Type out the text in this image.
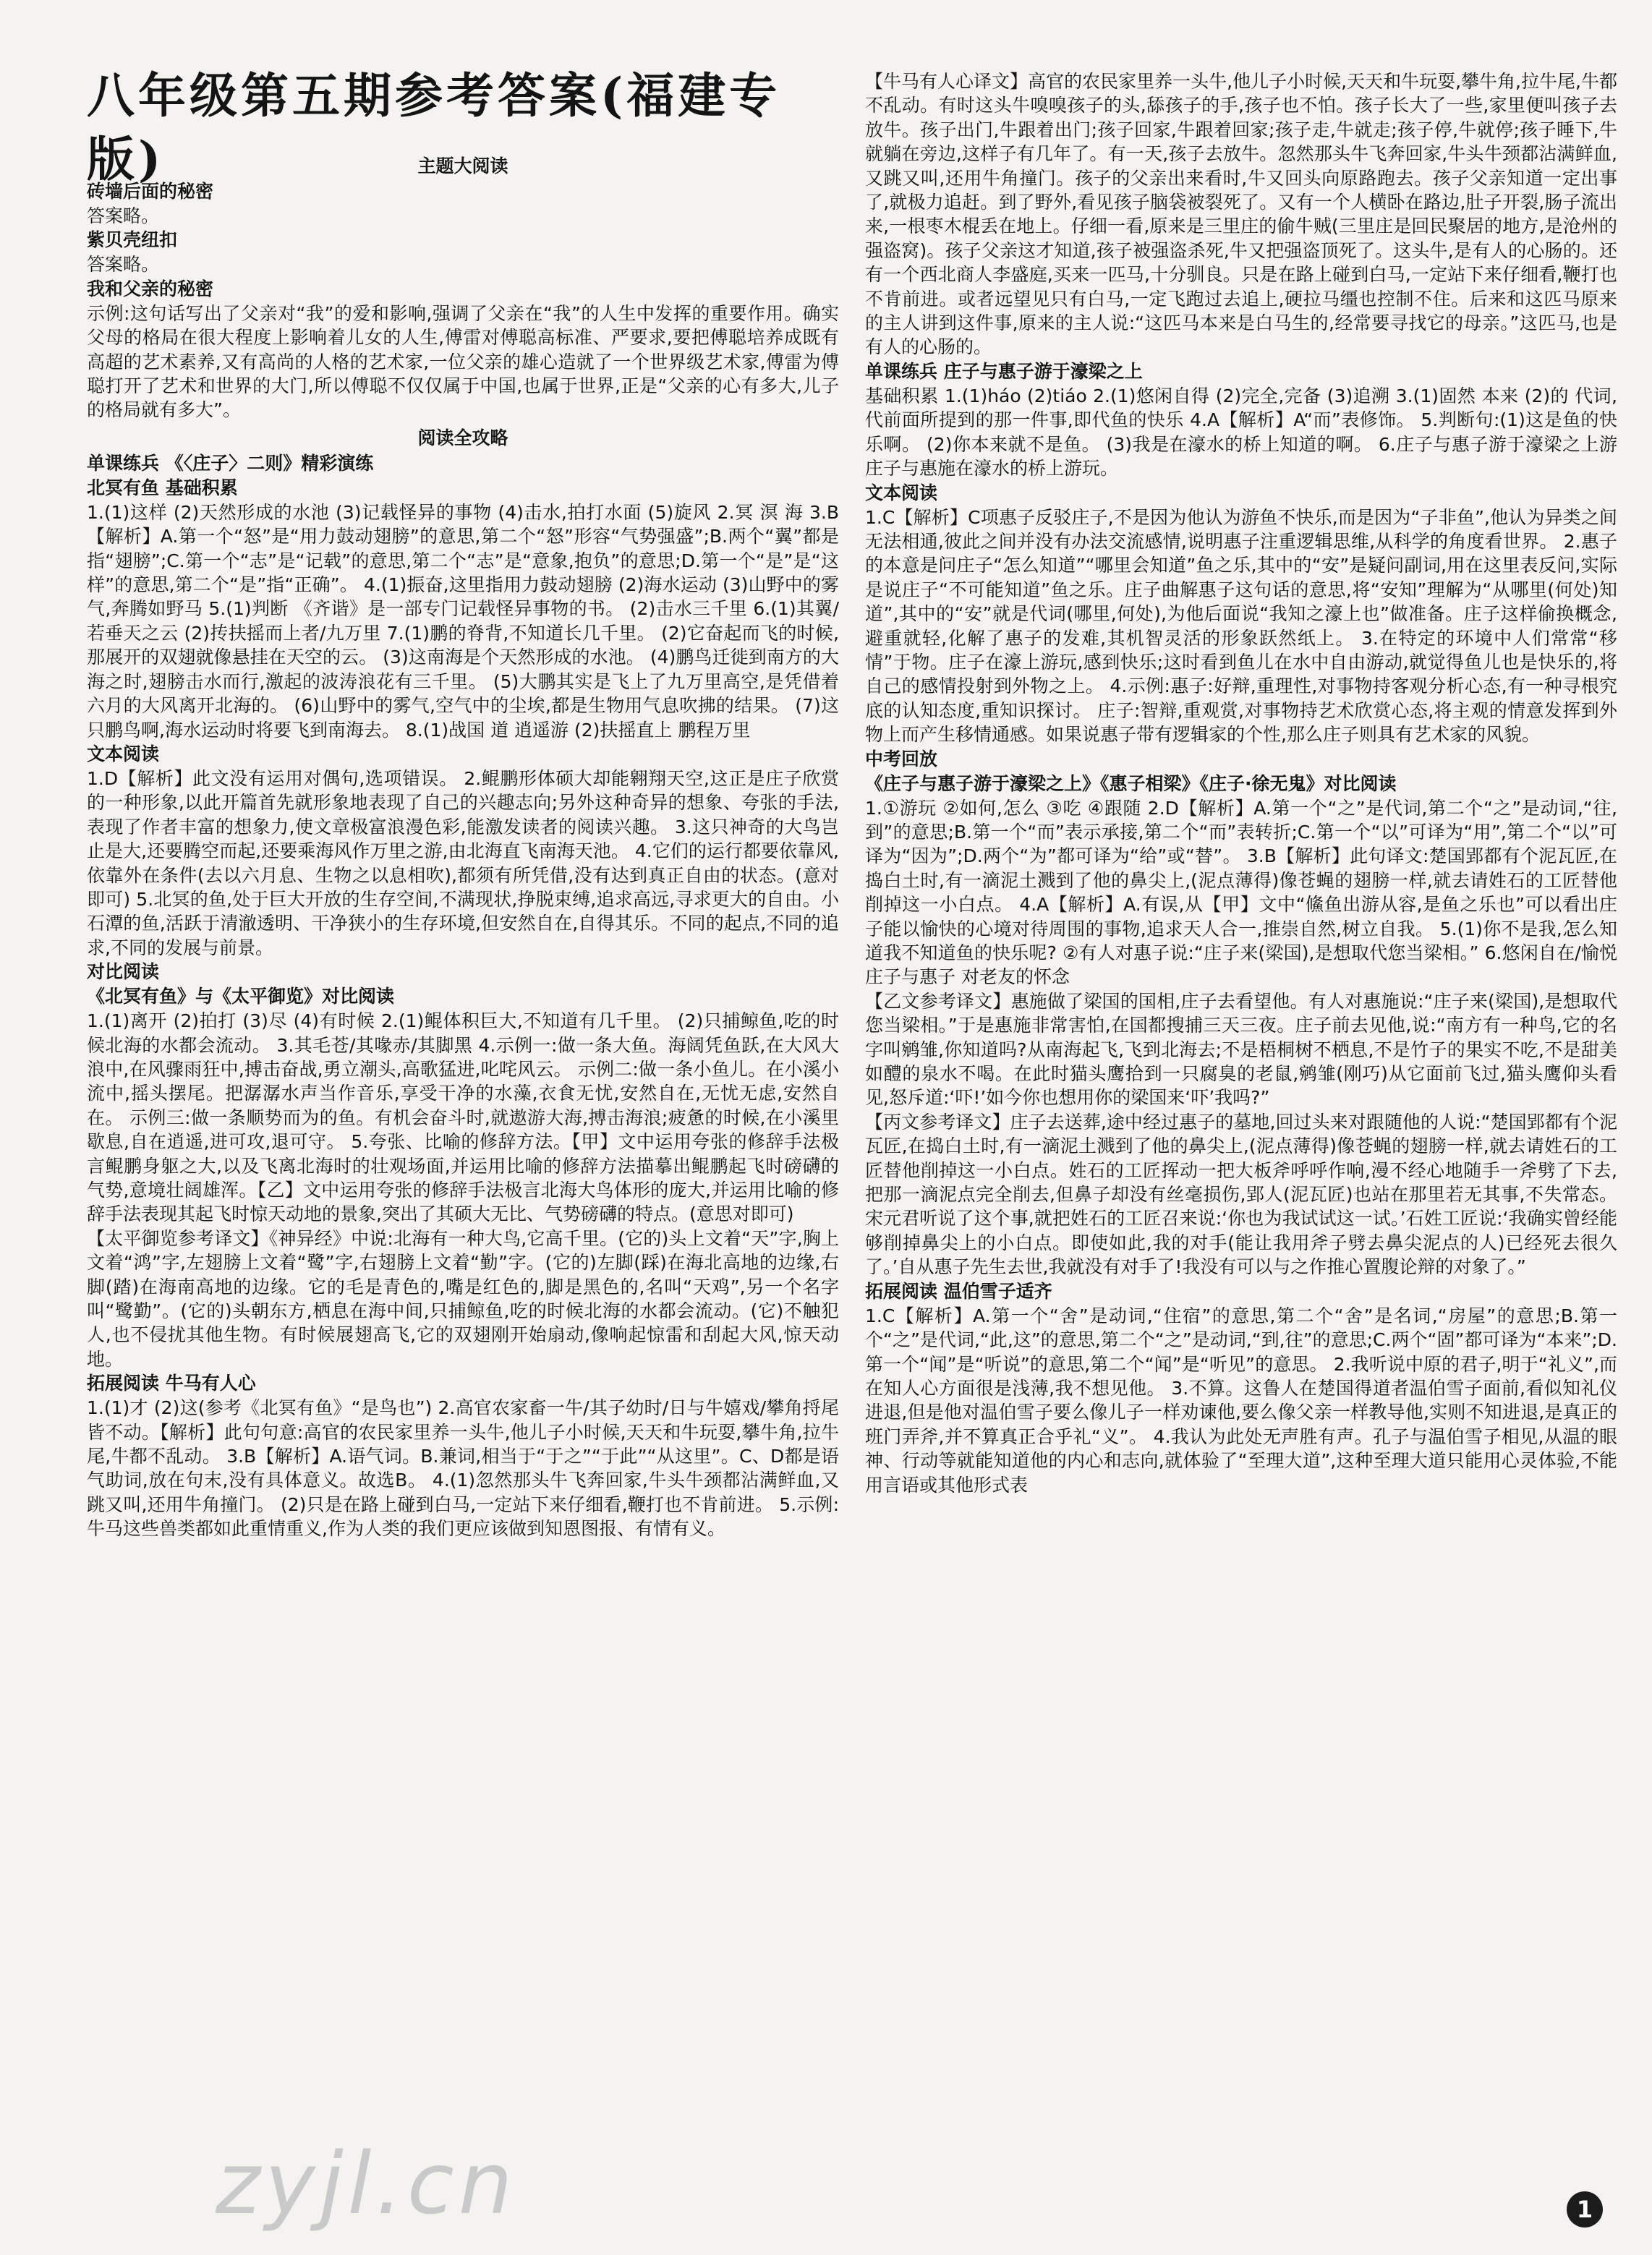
八年级第五期参考答案(福建专版)	主题大阅读
砖墙后面的秘密
答案略。
紫贝壳纽扣
答案略。
我和父亲的秘密
示例:这句话写出了父亲对“我”的爱和影响,强调了父亲在“我”的人生中发挥的重要作用。确实父母的格局在很大程度上影响着儿女的人生,傅雷对傅聪高标准、严要求,要把傅聪培养成既有高超的艺术素养,又有高尚的人格的艺术家,一位父亲的雄心造就了一个世界级艺术家,傅雷为傅聪打开了艺术和世界的大门,所以傅聪不仅仅属于中国,也属于世界,正是“父亲的心有多大,儿子的格局就有多大”。
阅读全攻略
单课练兵 《〈庄子〉二则》精彩演练
北冥有鱼 基础积累
1.(1)这样 (2)天然形成的水池 (3)记载怪异的事物 (4)击水,拍打水面 (5)旋风 2.冥 溟 海 3.B【解析】A.第一个“怒”是“用力鼓动翅膀”的意思,第二个“怒”形容“气势强盛”;B.两个“翼”都是指“翅膀”;C.第一个“志”是“记载”的意思,第二个“志”是“意象,抱负”的意思;D.第一个“是”是“这样”的意思,第二个“是”指“正确”。 4.(1)振奋,这里指用力鼓动翅膀 (2)海水运动 (3)山野中的雾气,奔腾如野马 5.(1)判断 《齐谐》是一部专门记载怪异事物的书。 (2)击水三千里 6.(1)其翼/若垂天之云 (2)抟扶摇而上者/九万里 7.(1)鹏的脊背,不知道长几千里。 (2)它奋起而飞的时候,那展开的双翅就像悬挂在天空的云。 (3)这南海是个天然形成的水池。 (4)鹏鸟迁徙到南方的大海之时,翅膀击水而行,激起的波涛浪花有三千里。 (5)大鹏其实是飞上了九万里高空,是凭借着六月的大风离开北海的。 (6)山野中的雾气,空气中的尘埃,都是生物用气息吹拂的结果。 (7)这只鹏鸟啊,海水运动时将要飞到南海去。 8.(1)战国 道 逍遥游 (2)扶摇直上 鹏程万里
文本阅读
1.D【解析】此文没有运用对偶句,选项错误。 2.鲲鹏形体硕大却能翱翔天空,这正是庄子欣赏的一种形象,以此开篇首先就形象地表现了自己的兴趣志向;另外这种奇异的想象、夸张的手法,表现了作者丰富的想象力,使文章极富浪漫色彩,能激发读者的阅读兴趣。 3.这只神奇的大鸟岂止是大,还要腾空而起,还要乘海风作万里之游,由北海直飞南海天池。 4.它们的运行都要依靠风,依靠外在条件(去以六月息、生物之以息相吹),都须有所凭借,没有达到真正自由的状态。(意对即可) 5.北冥的鱼,处于巨大开放的生存空间,不满现状,挣脱束缚,追求高远,寻求更大的自由。小石潭的鱼,活跃于清澈透明、干净狭小的生存环境,但安然自在,自得其乐。不同的起点,不同的追求,不同的发展与前景。
对比阅读
《北冥有鱼》与《太平御览》对比阅读
1.(1)离开 (2)拍打 (3)尽 (4)有时候 2.(1)鲲体积巨大,不知道有几千里。 (2)只捕鲸鱼,吃的时候北海的水都会流动。 3.其毛苍/其喙赤/其脚黑 4.示例一:做一条大鱼。海阔凭鱼跃,在大风大浪中,在风骤雨狂中,搏击奋战,勇立潮头,高歌猛进,叱咤风云。 示例二:做一条小鱼儿。在小溪小流中,摇头摆尾。把潺潺水声当作音乐,享受干净的水藻,衣食无忧,安然自在,无忧无虑,安然自在。 示例三:做一条顺势而为的鱼。有机会奋斗时,就遨游大海,搏击海浪;疲惫的时候,在小溪里歇息,自在逍遥,进可攻,退可守。 5.夸张、比喻的修辞方法。【甲】文中运用夸张的修辞手法极言鲲鹏身躯之大,以及飞离北海时的壮观场面,并运用比喻的修辞方法描摹出鲲鹏起飞时磅礴的气势,意境壮阔雄浑。【乙】文中运用夸张的修辞手法极言北海大鸟体形的庞大,并运用比喻的修辞手法表现其起飞时惊天动地的景象,突出了其硕大无比、气势磅礴的特点。(意思对即可)
【太平御览参考译文】《神异经》中说:北海有一种大鸟,它高千里。(它的)头上文着“天”字,胸上文着“鸿”字,左翅膀上文着“鹭”字,右翅膀上文着“勤”字。(它的)左脚(踩)在海北高地的边缘,右脚(踏)在海南高地的边缘。它的毛是青色的,嘴是红色的,脚是黑色的,名叫“天鸡”,另一个名字叫“鹭勤”。(它的)头朝东方,栖息在海中间,只捕鲸鱼,吃的时候北海的水都会流动。(它)不触犯人,也不侵扰其他生物。有时候展翅高飞,它的双翅刚开始扇动,像响起惊雷和刮起大风,惊天动地。
拓展阅读 牛马有人心
1.(1)才 (2)这(参考《北冥有鱼》“是鸟也”) 2.高官农家畜一牛/其子幼时/日与牛嬉戏/攀角捋尾皆不动。【解析】此句句意:高官的农民家里养一头牛,他儿子小时候,天天和牛玩耍,攀牛角,拉牛尾,牛都不乱动。 3.B【解析】A.语气词。B.兼词,相当于“于之”“于此”“从这里”。C、D都是语气助词,放在句末,没有具体意义。故选B。 4.(1)忽然那头牛飞奔回家,牛头牛颈都沾满鲜血,又跳又叫,还用牛角撞门。 (2)只是在路上碰到白马,一定站下来仔细看,鞭打也不肯前进。 5.示例:牛马这些兽类都如此重情重义,作为人类的我们更应该做到知恩图报、有情有义。
【牛马有人心译文】高官的农民家里养一头牛,他儿子小时候,天天和牛玩耍,攀牛角,拉牛尾,牛都不乱动。有时这头牛嗅嗅孩子的头,舔孩子的手,孩子也不怕。孩子长大了一些,家里便叫孩子去放牛。孩子出门,牛跟着出门;孩子回家,牛跟着回家;孩子走,牛就走;孩子停,牛就停;孩子睡下,牛就躺在旁边,这样子有几年了。有一天,孩子去放牛。忽然那头牛飞奔回家,牛头牛颈都沾满鲜血,又跳又叫,还用牛角撞门。孩子的父亲出来看时,牛又回头向原路跑去。孩子父亲知道一定出事了,就极力追赶。到了野外,看见孩子脑袋被裂死了。又有一个人横卧在路边,肚子开裂,肠子流出来,一根枣木棍丢在地上。仔细一看,原来是三里庄的偷牛贼(三里庄是回民聚居的地方,是沧州的强盗窝)。孩子父亲这才知道,孩子被强盗杀死,牛又把强盗顶死了。这头牛,是有人的心肠的。还有一个西北商人李盛庭,买来一匹马,十分驯良。只是在路上碰到白马,一定站下来仔细看,鞭打也不肯前进。或者远望见只有白马,一定飞跑过去追上,硬拉马缰也控制不住。后来和这匹马原来的主人讲到这件事,原来的主人说:“这匹马本来是白马生的,经常要寻找它的母亲。”这匹马,也是有人的心肠的。
单课练兵 庄子与惠子游于濠梁之上
基础积累 1.(1)háo (2)tiáo 2.(1)悠闲自得 (2)完全,完备 (3)追溯 3.(1)固然 本来 (2)的 代词,代前面所提到的那一件事,即代鱼的快乐 4.A【解析】A“而”表修饰。 5.判断句:(1)这是鱼的快乐啊。 (2)你本来就不是鱼。 (3)我是在濠水的桥上知道的啊。 6.庄子与惠子游于濠梁之上游 庄子与惠施在濠水的桥上游玩。
文本阅读
1.C【解析】C项惠子反驳庄子,不是因为他认为游鱼不快乐,而是因为“子非鱼”,他认为异类之间无法相通,彼此之间并没有办法交流感情,说明惠子注重逻辑思维,从科学的角度看世界。 2.惠子的本意是问庄子“怎么知道”“哪里会知道”鱼之乐,其中的“安”是疑问副词,用在这里表反问,实际是说庄子“不可能知道”鱼之乐。庄子曲解惠子这句话的意思,将“安知”理解为“从哪里(何处)知道”,其中的“安”就是代词(哪里,何处),为他后面说“我知之濠上也”做准备。庄子这样偷换概念,避重就轻,化解了惠子的发难,其机智灵活的形象跃然纸上。 3.在特定的环境中人们常常“移情”于物。庄子在濠上游玩,感到快乐;这时看到鱼儿在水中自由游动,就觉得鱼儿也是快乐的,将自己的感情投射到外物之上。 4.示例:惠子:好辩,重理性,对事物持客观分析心态,有一种寻根究底的认知态度,重知识探讨。 庄子:智辩,重观赏,对事物持艺术欣赏心态,将主观的情意发挥到外物上而产生移情通感。如果说惠子带有逻辑家的个性,那么庄子则具有艺术家的风貌。
中考回放
《庄子与惠子游于濠梁之上》《惠子相梁》《庄子·徐无鬼》对比阅读
1.①游玩 ②如何,怎么 ③吃 ④跟随 2.D【解析】A.第一个“之”是代词,第二个“之”是动词,“往,到”的意思;B.第一个“而”表示承接,第二个“而”表转折;C.第一个“以”可译为“用”,第二个“以”可译为“因为”;D.两个“为”都可译为“给”或“替”。 3.B【解析】此句译文:楚国郢都有个泥瓦匠,在捣白土时,有一滴泥土溅到了他的鼻尖上,(泥点薄得)像苍蝇的翅膀一样,就去请姓石的工匠替他削掉这一小白点。 4.A【解析】A.有误,从【甲】文中“鯈鱼出游从容,是鱼之乐也”可以看出庄子能以愉快的心境对待周围的事物,追求天人合一,推崇自然,树立自我。 5.(1)你不是我,怎么知道我不知道鱼的快乐呢? ②有人对惠子说:“庄子来(梁国),是想取代您当梁相。” 6.悠闲自在/愉悦 庄子与惠子 对老友的怀念
【乙文参考译文】惠施做了梁国的国相,庄子去看望他。有人对惠施说:“庄子来(梁国),是想取代您当梁相。”于是惠施非常害怕,在国都搜捕三天三夜。庄子前去见他,说:“南方有一种鸟,它的名字叫鹓雏,你知道吗?从南海起飞,飞到北海去;不是梧桐树不栖息,不是竹子的果实不吃,不是甜美如醴的泉水不喝。在此时猫头鹰拾到一只腐臭的老鼠,鹓雏(刚巧)从它面前飞过,猫头鹰仰头看见,怒斥道:‘吓!’如今你也想用你的梁国来‘吓’我吗?”
【丙文参考译文】庄子去送葬,途中经过惠子的墓地,回过头来对跟随他的人说:“楚国郢都有个泥瓦匠,在捣白土时,有一滴泥土溅到了他的鼻尖上,(泥点薄得)像苍蝇的翅膀一样,就去请姓石的工匠替他削掉这一小白点。姓石的工匠挥动一把大板斧呼呼作响,漫不经心地随手一斧劈了下去,把那一滴泥点完全削去,但鼻子却没有丝毫损伤,郢人(泥瓦匠)也站在那里若无其事,不失常态。宋元君听说了这个事,就把姓石的工匠召来说:‘你也为我试试这一试。’石姓工匠说:‘我确实曾经能够削掉鼻尖上的小白点。即使如此,我的对手(能让我用斧子劈去鼻尖泥点的人)已经死去很久了。’自从惠子先生去世,我就没有对手了!我没有可以与之作推心置腹论辩的对象了。”
拓展阅读 温伯雪子适齐
1.C【解析】A.第一个“舍”是动词,“住宿”的意思,第二个“舍”是名词,“房屋”的意思;B.第一个“之”是代词,“此,这”的意思,第二个“之”是动词,“到,往”的意思;C.两个“固”都可译为“本来”;D.第一个“闻”是“听说”的意思,第二个“闻”是“听见”的意思。 2.我听说中原的君子,明于“礼义”,而在知人心方面很是浅薄,我不想见他。 3.不算。这鲁人在楚国得道者温伯雪子面前,看似知礼仪进退,但是他对温伯雪子要么像儿子一样劝谏他,要么像父亲一样教导他,实则不知进退,是真正的班门弄斧,并不算真正合乎礼“义”。 4.我认为此处无声胜有声。孔子与温伯雪子相见,从温的眼神、行动等就能知道他的内心和志向,就体验了“至理大道”,这种至理大道只能用心灵体验,不能用言语或其他形式表
zyjl.cn	1
